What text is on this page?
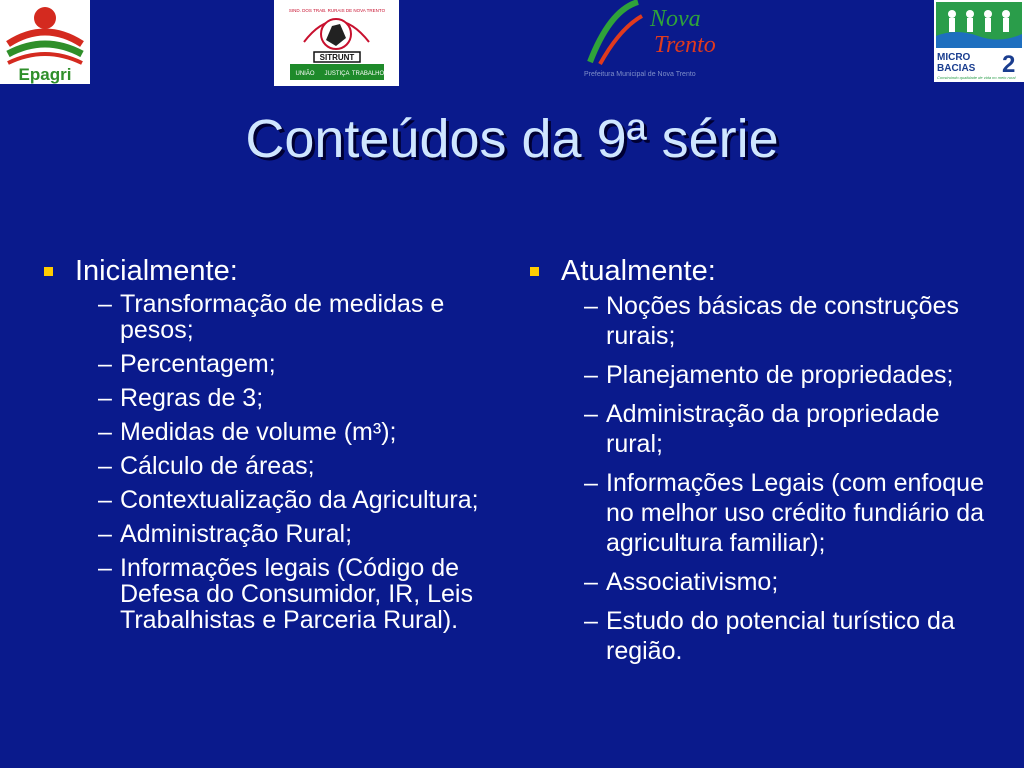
Epagri
SITRUNT
UNIÃO JUSTIÇA TRABALHO
SIND. DOS TRAB. RURAIS DE NOVA TRENTO	Nova
Trento
Prefeitura Municipal de Nova Trento
MICRO
BACIAS 2
Construindo qualidade de vida no meio rural
Conteúdos da 9ª série
Inicialmente:
– Transformação de medidas e pesos;
– Percentagem;
– Regras de 3;
– Medidas de volume (m³);
– Cálculo de áreas;
– Contextualização da Agricultura;
– Administração Rural;
– Informações legais (Código de Defesa do Consumidor, IR, Leis Trabalhistas e Parceria Rural).
Atualmente:
– Noções básicas de construções rurais;
– Planejamento de propriedades;
– Administração da propriedade rural;
– Informações Legais (com enfoque no melhor uso crédito fundiário da agricultura familiar);
– Associativismo;
– Estudo do potencial turístico da região.
